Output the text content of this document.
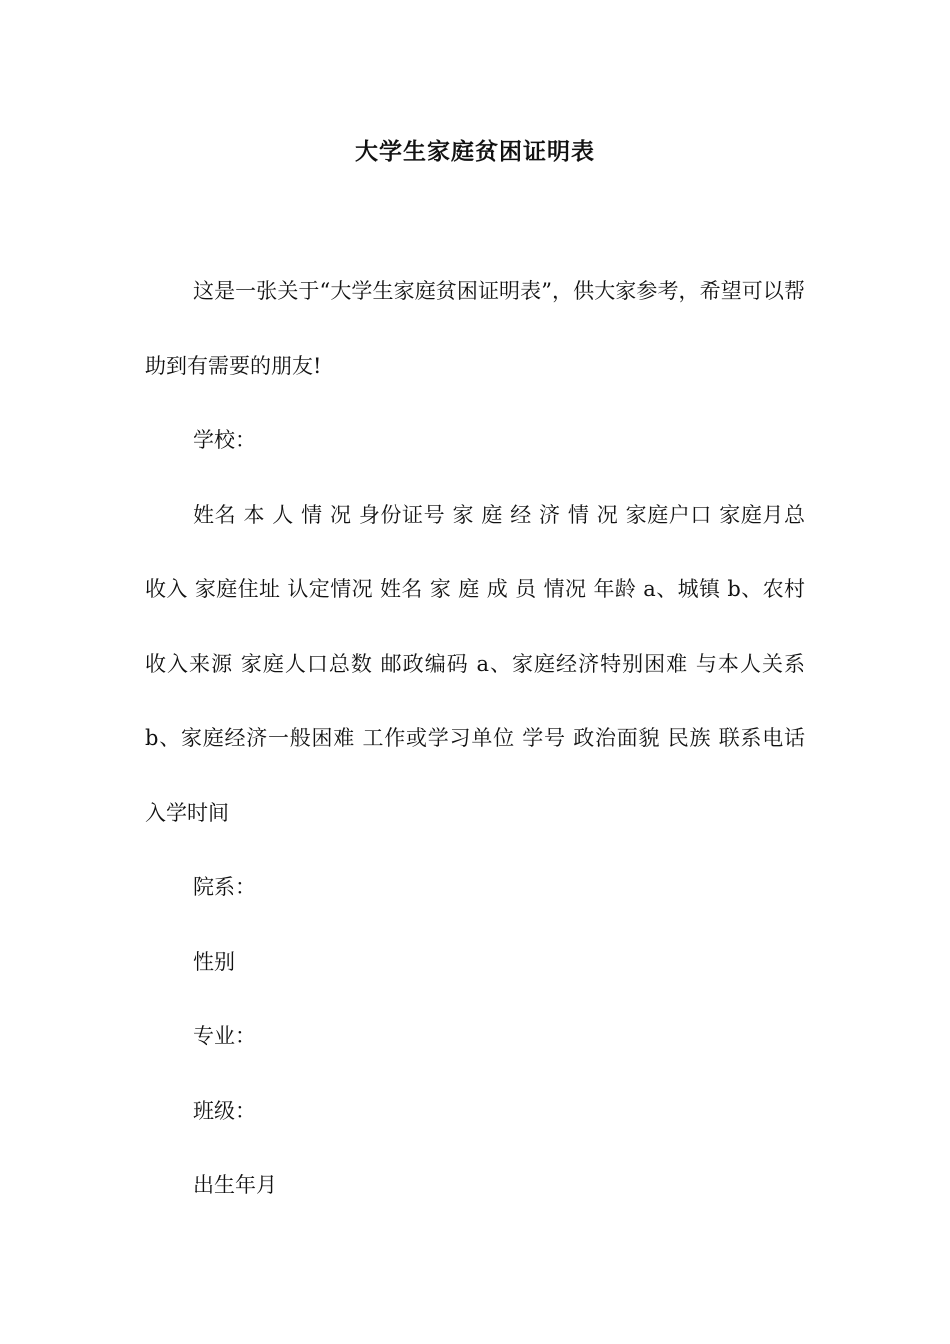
大学生家庭贫困证明表

这是一张关于“大学生家庭贫困证明表”，供大家参考，希望可以帮助到有需要的朋友!

学校：

姓名 本 人 情 况 身份证号 家 庭 经 济 情 况 家庭户口 家庭月总 收入 家庭住址 认定情况 姓名 家 庭 成 员 情况 年龄 a、城镇 b、农村 收入来源 家庭人口总数 邮政编码 a、家庭经济特别困难 与本人关系 b、家庭经济一般困难 工作或学习单位 学号 政治面貌 民族 联系电话 入学时间

院系：

性别

专业：

班级：

出生年月
